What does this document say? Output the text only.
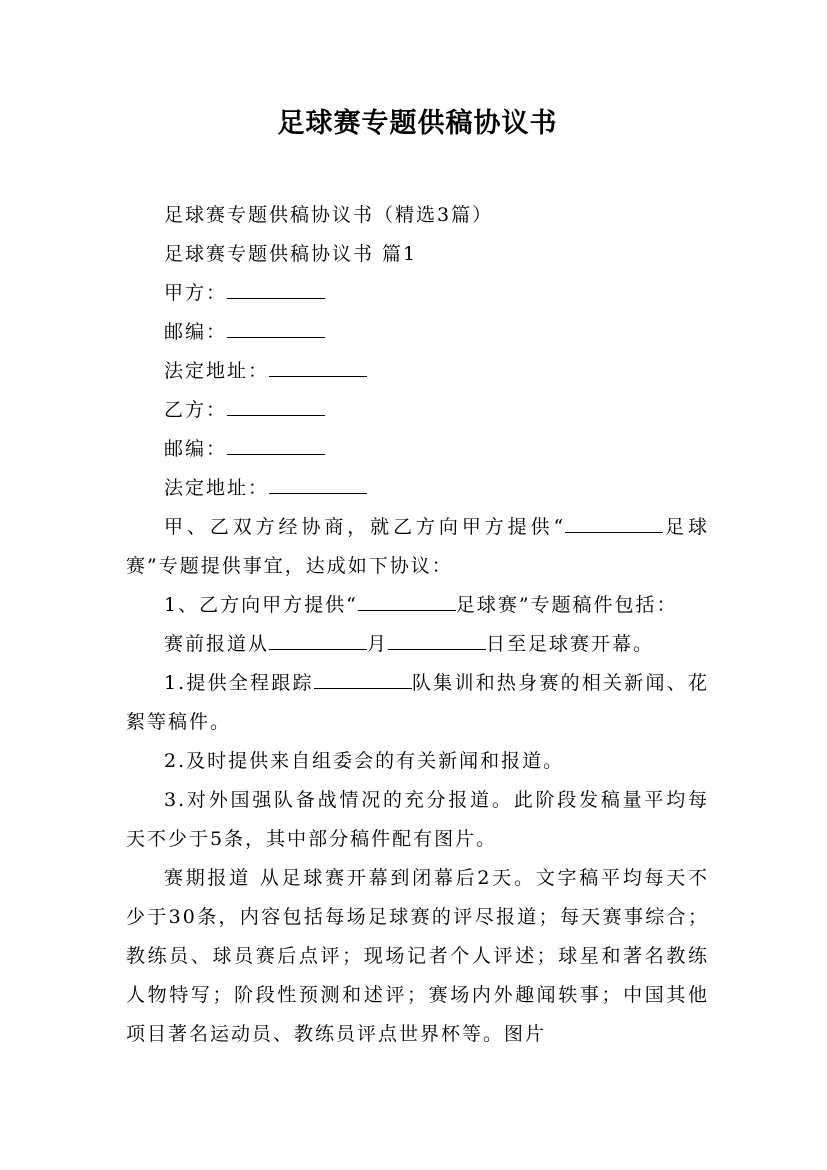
足球赛专题供稿协议书

足球赛专题供稿协议书（精选3篇）

足球赛专题供稿协议书 篇1

甲方：

邮编：

法定地址：

乙方：

邮编：

法定地址：

甲、乙双方经协商，就乙方向甲方提供“	足球赛”专题提供事宜，达成如下协议：

1、乙方向甲方提供“	足球赛”专题稿件包括：

赛前报道从	月	日至足球赛开幕。

1.提供全程跟踪	队集训和热身赛的相关新闻、花絮等稿件。

2.及时提供来自组委会的有关新闻和报道。

3.对外国强队备战情况的充分报道。此阶段发稿量平均每天不少于5条，其中部分稿件配有图片。

赛期报道 从足球赛开幕到闭幕后2天。文字稿平均每天不少于30条，内容包括每场足球赛的评尽报道；每天赛事综合；教练员、球员赛后点评；现场记者个人评述；球星和著名教练人物特写；阶段性预测和述评；赛场内外趣闻轶事；中国其他项目著名运动员、教练员评点世界杯等。图片
